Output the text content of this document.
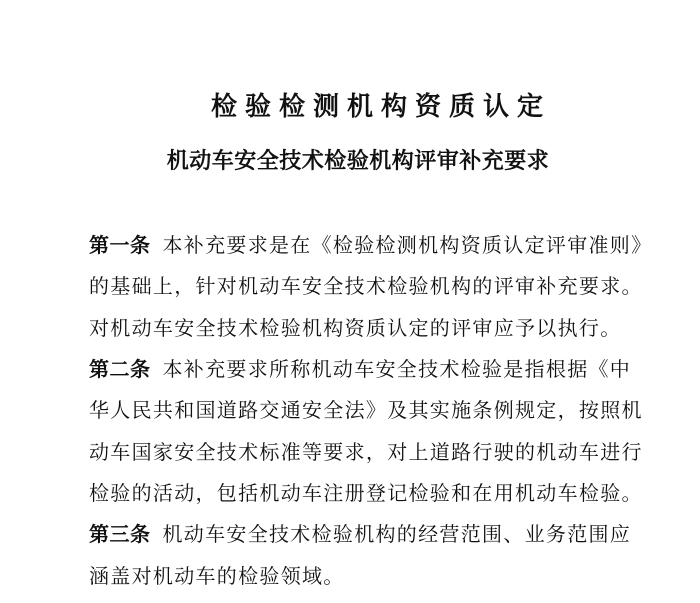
检验检测机构资质认定
机动车安全技术检验机构评审补充要求
第一条 本补充要求是在《检验检测机构资质认定评审准则》
的基础上，针对机动车安全技术检验机构的评审补充要求。
对机动车安全技术检验机构资质认定的评审应予以执行。
第二条 本补充要求所称机动车安全技术检验是指根据《中
华人民共和国道路交通安全法》及其实施条例规定，按照机
动车国家安全技术标准等要求，对上道路行驶的机动车进行
检验的活动，包括机动车注册登记检验和在用机动车检验。
第三条 机动车安全技术检验机构的经营范围、业务范围应
涵盖对机动车的检验领域。
